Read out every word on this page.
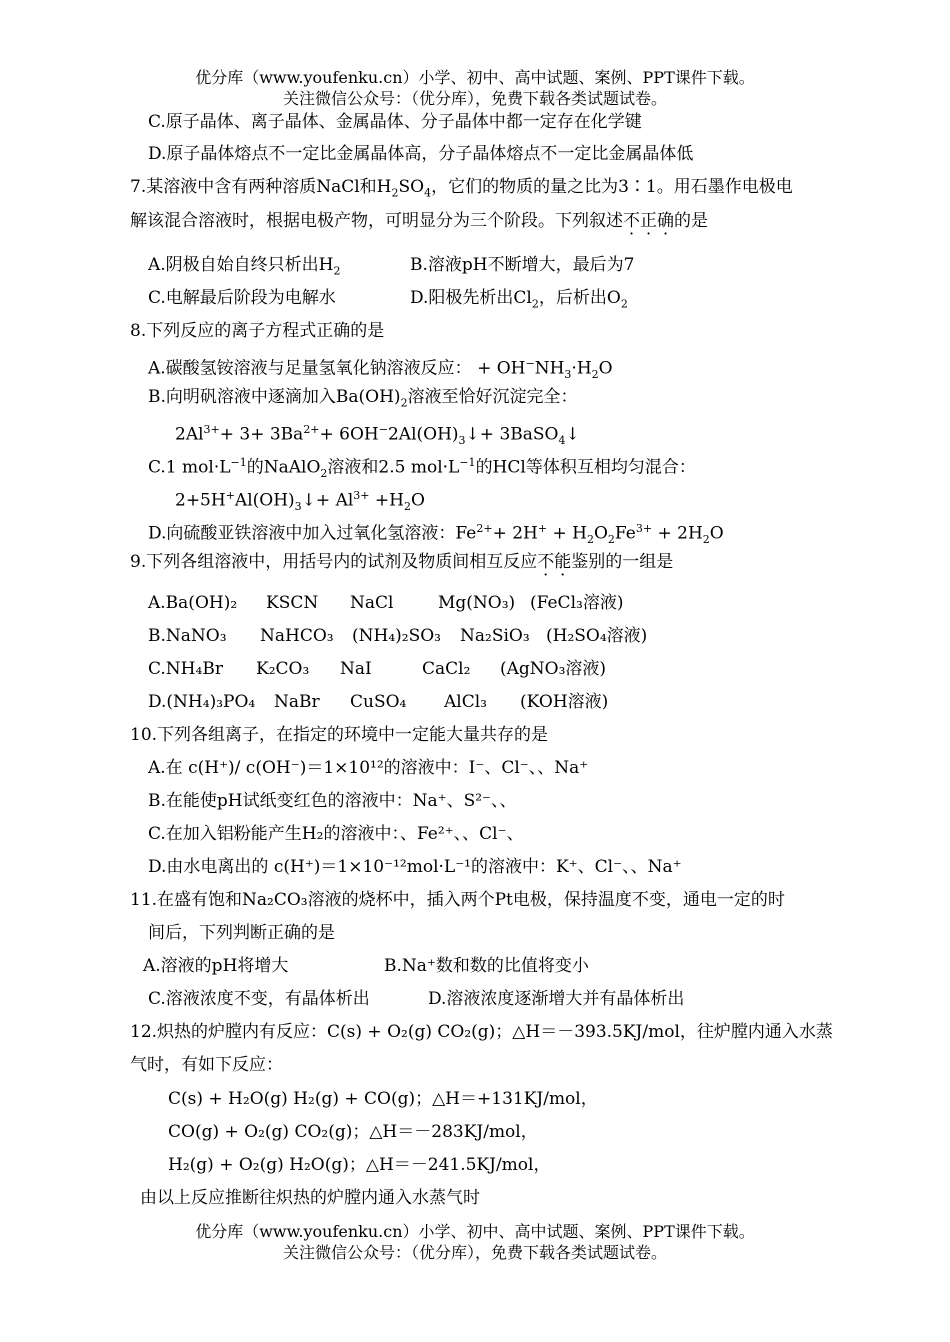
优分库（www.youfenku.cn）小学、初中、高中试题、案例、PPT课件下载。
关注微信公众号：（优分库），免费下载各类试题试卷。
C.原子晶体、离子晶体、金属晶体、分子晶体中都一定存在化学键
D.原子晶体熔点不一定比金属晶体高，分子晶体熔点不一定比金属晶体低
7.某溶液中含有两种溶质NaCl和$H_2SO_4$，它们的物质的量之比为3∶1。用石墨作电极电
解该混合溶液时，根据电极产物，可明显分为三个阶段。下列叙述不正确的是
A.阴极自始自终只析出$H_2$	B.溶液pH不断增大，最后为7
C.电解最后阶段为电解水	D.阳极先析出$Cl_2$，后析出$O_2$
8.下列反应的离子方程式正确的是
A.碳酸氢铵溶液与足量氢氧化钠溶液反应： + $OH^-NH_3\cdot H_2O$
B.向明矾溶液中逐滴加入$Ba(OH)_2$溶液至恰好沉淀完全：
$2Al^{3+}+ 3+ 3Ba^{2+}+$ $6OH^-2Al(OH)_3↓+$ 3BaSO$_4$↓
C.1 $mol\cdot L^{-1}$的NaAlO$_2$溶液和2.5 $mol\cdot L^{-1}$的HCl等体积互相均匀混合：
$2+5H^+Al(OH)_3↓+ Al^{3+} +H_2O$
D.向硫酸亚铁溶液中加入过氧化氢溶液：$Fe^{2+}+ 2H^+ + H_2O_2Fe^{3+} + 2H_2O$
9.下列各组溶液中，用括号内的试剂及物质间相互反应不能鉴别的一组是
A.Ba(OH)₂ KSCN NaCl	Mg(NO₃) (FeCl₃溶液)
B.NaNO₃ NaHCO₃ (NH₄)₂SO₃ Na₂SiO₃ (H₂SO₄溶液)
C.NH₄Br K₂CO₃ NaI	CaCl₂ (AgNO₃溶液)
D.(NH₄)₃PO₄ NaBr CuSO₄ AlCl₃ (KOH溶液)
10.下列各组离子，在指定的环境中一定能大量共存的是
A.在 c(H⁺)/ c(OH⁻)＝1×10¹²的溶液中：I⁻、Cl⁻、、Na⁺
B.在能使pH试纸变红色的溶液中：Na⁺、S²⁻、、
C.在加入铝粉能产生H₂的溶液中：、Fe²⁺、、Cl⁻、
D.由水电离出的 c(H⁺)＝1×10⁻¹²mol·L⁻¹的溶液中：K⁺、Cl⁻、、Na⁺
11.在盛有饱和Na₂CO₃溶液的烧杯中，插入两个Pt电极，保持温度不变，通电一定的时
间后，下列判断正确的是
A.溶液的pH将增大	B.Na⁺数和数的比值将变小
C.溶液浓度不变，有晶体析出	D.溶液浓度逐渐增大并有晶体析出
12.炽热的炉膛内有反应：C(s) + O₂(g) CO₂(g)；△H＝－393.5KJ/mol，往炉膛内通入水蒸
气时，有如下反应：
C(s) + H₂O(g) H₂(g) + CO(g)；△H＝+131KJ/mol，
CO(g) + O₂(g) CO₂(g)；△H＝－283KJ/mol，
H₂(g) + O₂(g) H₂O(g)；△H＝－241.5KJ/mol，
由以上反应推断往炽热的炉膛内通入水蒸气时
优分库（www.youfenku.cn）小学、初中、高中试题、案例、PPT课件下载。
关注微信公众号：（优分库），免费下载各类试题试卷。
